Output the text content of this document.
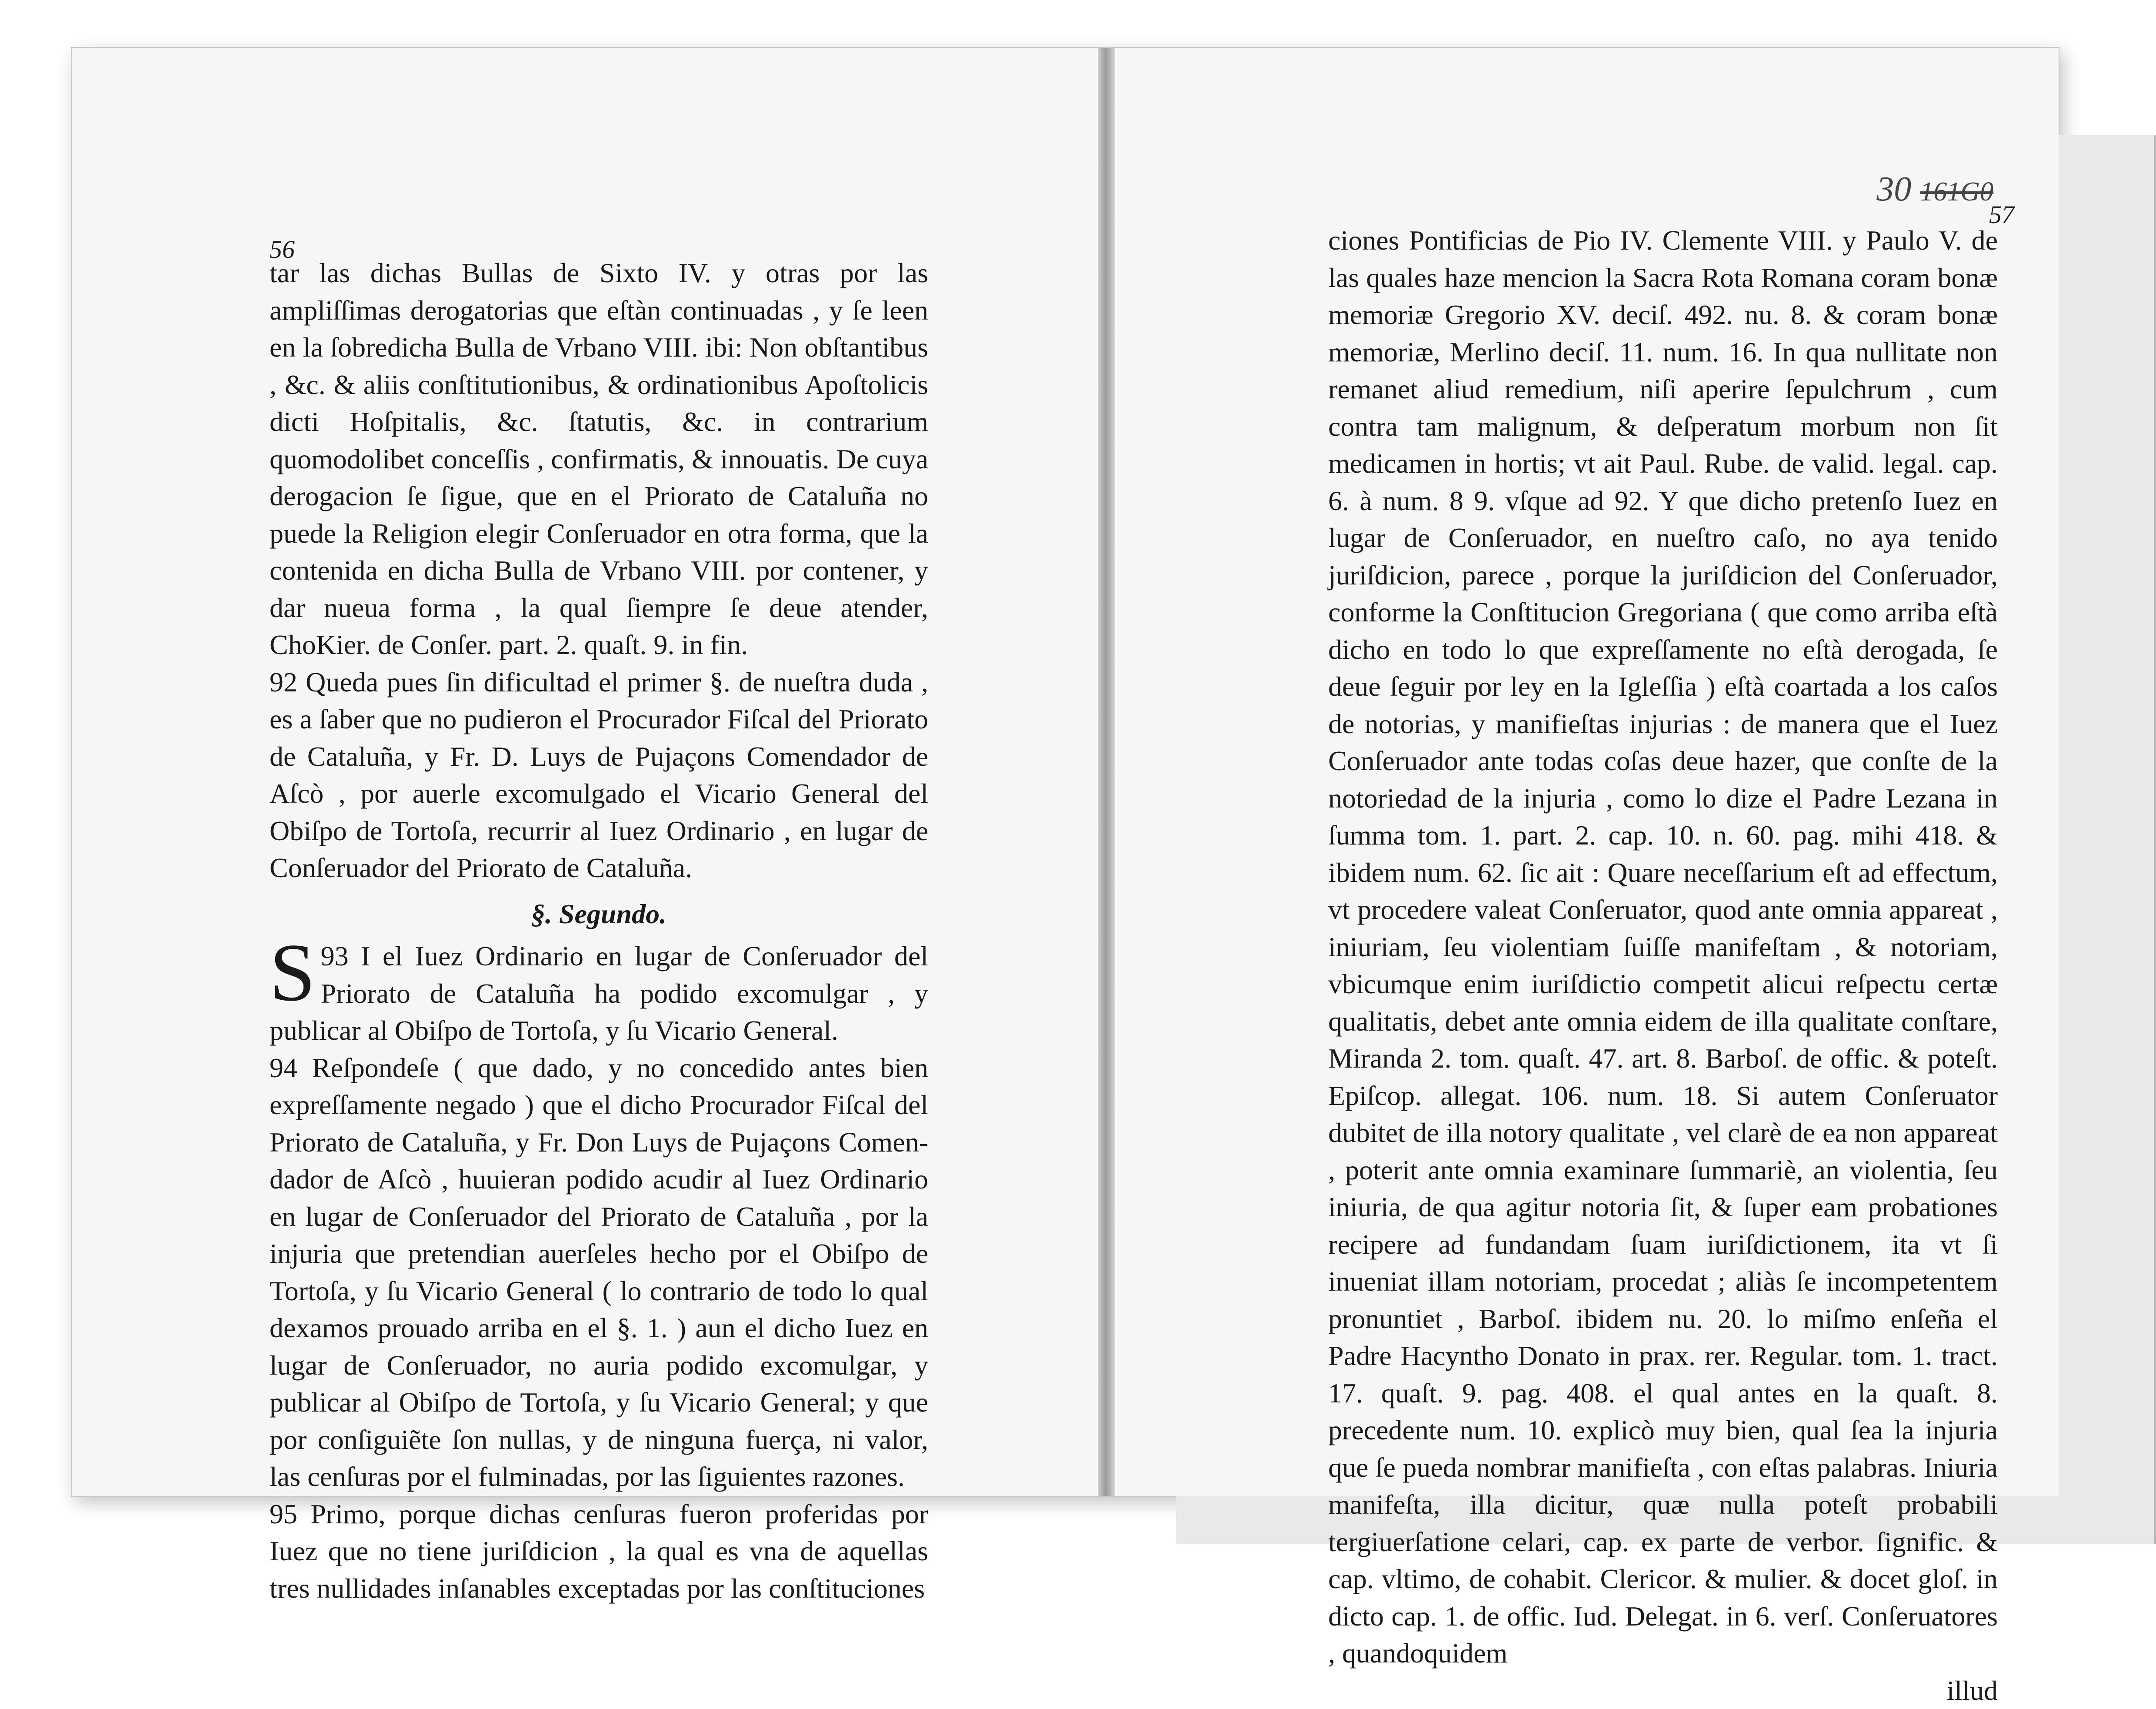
56

tar las dichas Bullas de Sixto IV. y otras por las ampliſſimas derogatorias que eſtàn continuadas , y ſe leen en la ſobredicha Bulla de Vrbano VIII. ibi: Non obſtantibus , &c. & aliis conſtitutionibus, & ordinationibus Apoſtolicis dicti Hoſpitalis, &c. ſtatutis, &c. in contrarium quomodolibet conceſſis , confirmatis, & innouatis. De cuya derogacion ſe ſigue, que en el Priorato de Cataluña no puede la Religion elegir Conſeruador en otra forma, que la contenida en dicha Bulla de Vrbano VIII. por contener, y dar nueua forma , la qual ſiempre ſe deue atender, ChoKier. de Conſer. part. 2. quaſt. 9. in fin.

92 Queda pues ſin dificultad el primer §. de nueſtra duda , es a ſaber que no pudieron el Procurador Fiſcal del Priorato de Cataluña, y Fr. D. Luys de Pujaçons Comendador de Aſcò , por auerle excomulgado el Vicario General del Obiſpo de Tortoſa, recurrir al Iuez Ordinario , en lugar de Conſeruador del Priorato de Cataluña.

§. Segundo.

S 93 I el Iuez Ordinario en lugar de Conſeruador del Priorato de Cataluña ha podido excomulgar , y publicar al Obiſpo de Tortoſa, y ſu Vicario General.

94 Reſpondeſe ( que dado, y no concedido antes bien expreſſamente negado ) que el dicho Procurador Fiſcal del Priorato de Cataluña, y Fr. Don Luys de Pujaçons Comendador de Aſcò , huuieran podido acudir al Iuez Ordinario en lugar de Conſeruador del Priorato de Cataluña , por la injuria que pretendian auerſeles hecho por el Obiſpo de Tortoſa, y ſu Vicario General ( lo contrario de todo lo qual dexamos prouado arriba en el §. 1. ) aun el dicho Iuez en lugar de Conſeruador, no auria podido excomulgar, y publicar al Obiſpo de Tortoſa, y ſu Vicario General; y que por conſiguiẽte ſon nullas, y de ninguna fuerça, ni valor, las cenſuras por el fulminadas, por las ſiguientes razones.

95 Primo, porque dichas cenſuras fueron proferidas por Iuez que no tiene juriſdicion , la qual es vna de aquellas tres nullidades inſanables exceptadas por las conſtituciones

30 161G0
57

ciones Pontificias de Pio IV. Clemente VIII. y Paulo V. de las quales haze mencion la Sacra Rota Romana coram bonæ memoriæ Gregorio XV. deciſ. 492. nu. 8. & coram bonæ memoriæ, Merlino deciſ. 11. num. 16. In qua nullitate non remanet aliud remedium, niſi aperire ſepulchrum , cum contra tam malignum, & deſperatum morbum non ſit medicamen in hortis; vt ait Paul. Rube. de valid. legal. cap. 6. à num. 8 9. vſque ad 92. Y que dicho pretenſo Iuez en lugar de Conſeruador, en nueſtro caſo, no aya tenido juriſdicion, parece , porque la juriſdicion del Conſeruador, conforme la Conſtitucion Gregoriana ( que como arriba eſtà dicho en todo lo que expreſſamente no eſtà derogada, ſe deue ſeguir por ley en la Igleſſia ) eſtà coartada a los caſos de notorias, y manifieſtas injurias : de manera que el Iuez Conſeruador ante todas coſas deue hazer, que conſte de la notoriedad de la injuria , como lo dize el Padre Lezana in ſumma tom. 1. part. 2. cap. 10. n. 60. pag. mihi 418. & ibidem num. 62. ſic ait : Quare neceſſarium eſt ad effectum, vt procedere valeat Conſeruator, quod ante omnia appareat , iniuriam, ſeu violentiam ſuiſſe manifeſtam , & notoriam, vbicumque enim iuriſdictio competit alicui reſpectu certæ qualitatis, debet ante omnia eidem de illa qualitate conſtare, Miranda 2. tom. quaſt. 47. art. 8. Barboſ. de offic. & poteſt. Epiſcop. allegat. 106. num. 18. Si autem Conſeruator dubitet de illa notory qualitate , vel clarè de ea non appareat , poterit ante omnia examinare ſummariè, an violentia, ſeu iniuria, de qua agitur notoria ſit, & ſuper eam probationes recipere ad fundandam ſuam iuriſdictionem, ita vt ſi inueniat illam notoriam, procedat ; aliàs ſe incompetentem pronuntiet , Barboſ. ibidem nu. 20. lo miſmo enſeña el Padre Hacyntho Donato in prax. rer. Regular. tom. 1. tract. 17. quaſt. 9. pag. 408. el qual antes en la quaſt. 8. precedente num. 10. explicò muy bien, qual ſea la injuria que ſe pueda nombrar manifieſta , con eſtas palabras. Iniuria manifeſta, illa dicitur, quæ nulla poteſt probabili tergiuerſatione celari, cap. ex parte de verbor. ſignific. & cap. vltimo, de cohabit. Clericor. & mulier. & docet gloſ. in dicto cap. 1. de offic. Iud. Delegat. in 6. verſ. Conſeruatores , quandoquidem

illud
